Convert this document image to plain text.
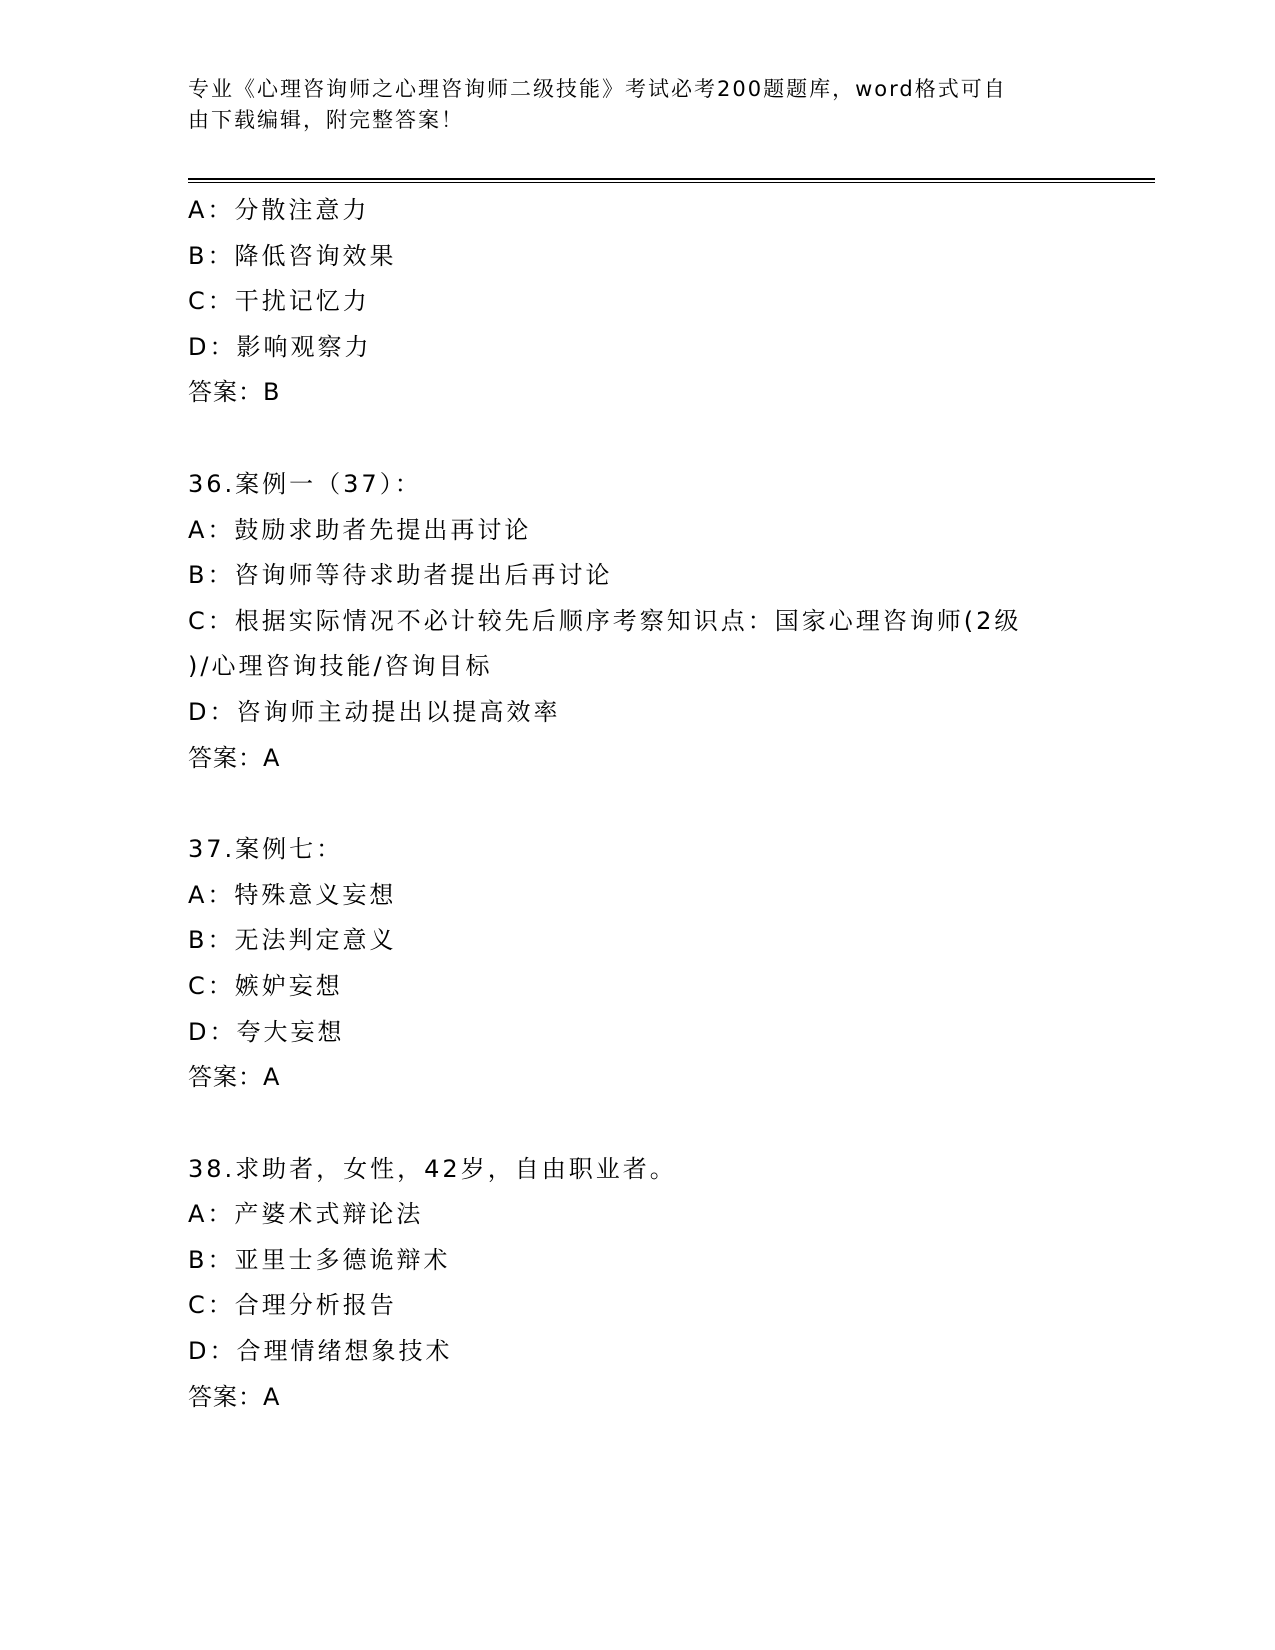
专业《心理咨询师之心理咨询师二级技能》考试必考200题题库，word格式可自
由下载编辑，附完整答案！
A：分散注意力
B：降低咨询效果
C：干扰记忆力
D：影响观察力
答案：B
36.案例一（37）：
A：鼓励求助者先提出再讨论
B：咨询师等待求助者提出后再讨论
C：根据实际情况不必计较先后顺序考察知识点：国家心理咨询师(2级
)/心理咨询技能/咨询目标
D：咨询师主动提出以提高效率
答案：A
37.案例七：
A：特殊意义妄想
B：无法判定意义
C：嫉妒妄想
D：夸大妄想
答案：A
38.求助者，女性，42岁，自由职业者。
A：产婆术式辩论法
B：亚里士多德诡辩术
C：合理分析报告
D：合理情绪想象技术
答案：A
